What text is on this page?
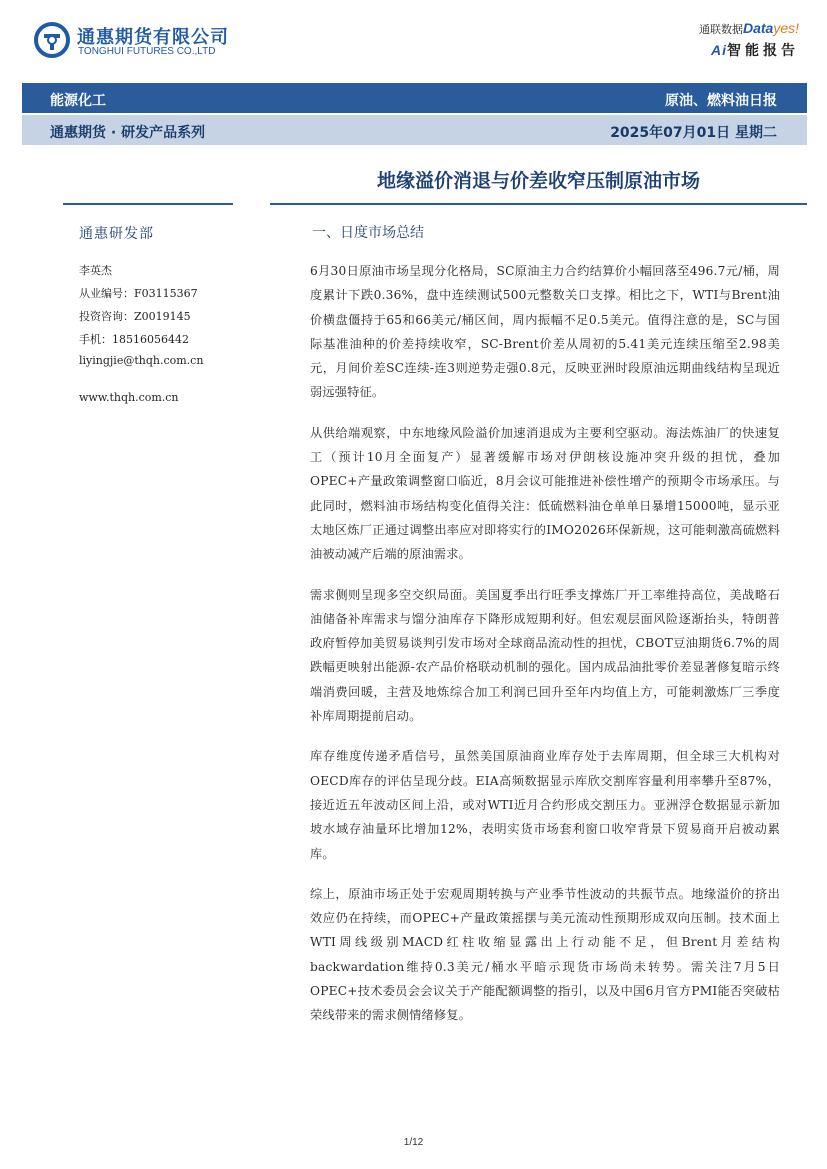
通惠期货有限公司
TONGHUI FUTURES CO.,LTD
通联数据Datayes!
Ai智能报告
能源化工	原油、燃料油日报
通惠期货 · 研发产品系列	2025年07月01日 星期二
地缘溢价消退与价差收窄压制原油市场
通惠研发部
李英杰
从业编号：F03115367
投资咨询：Z0019145
手机：18516056442
liyingjie@thqh.com.cn
www.thqh.com.cn
一、日度市场总结

6月30日原油市场呈现分化格局，SC原油主力合约结算价小幅回落至496.7元/桶，周度累计下跌0.36%，盘中连续测试500元整数关口支撑。相比之下，WTI与Brent油价横盘僵持于65和66美元/桶区间，周内振幅不足0.5美元。值得注意的是，SC与国际基准油种的价差持续收窄，SC-Brent价差从周初的5.41美元连续压缩至2.98美元，月间价差SC连续-连3则逆势走强0.8元，反映亚洲时段原油远期曲线结构呈现近弱远强特征。

从供给端观察，中东地缘风险溢价加速消退成为主要利空驱动。海法炼油厂的快速复工（预计10月全面复产）显著缓解市场对伊朗核设施冲突升级的担忧，叠加OPEC+产量政策调整窗口临近，8月会议可能推进补偿性增产的预期令市场承压。与此同时，燃料油市场结构变化值得关注：低硫燃料油仓单单日暴增15000吨，显示亚太地区炼厂正通过调整出率应对即将实行的IMO2026环保新规，这可能刺激高硫燃料油被动减产后端的原油需求。

需求侧则呈现多空交织局面。美国夏季出行旺季支撑炼厂开工率维持高位，美战略石油储备补库需求与馏分油库存下降形成短期利好。但宏观层面风险逐渐抬头，特朗普政府暂停加美贸易谈判引发市场对全球商品流动性的担忧，CBOT豆油期货6.7%的周跌幅更映射出能源-农产品价格联动机制的强化。国内成品油批零价差显著修复暗示终端消费回暖，主营及地炼综合加工利润已回升至年内均值上方，可能刺激炼厂三季度补库周期提前启动。

库存维度传递矛盾信号，虽然美国原油商业库存处于去库周期，但全球三大机构对OECD库存的评估呈现分歧。EIA高频数据显示库欣交割库容量利用率攀升至87%，接近近五年波动区间上沿，或对WTI近月合约形成交割压力。亚洲浮仓数据显示新加坡水域存油量环比增加12%，表明实货市场套利窗口收窄背景下贸易商开启被动累库。

综上，原油市场正处于宏观周期转换与产业季节性波动的共振节点。地缘溢价的挤出效应仍在持续，而OPEC+产量政策摇摆与美元流动性预期形成双向压制。技术面上WTI周线级别MACD红柱收缩显露出上行动能不足，但Brent月差结构backwardation维持0.3美元/桶水平暗示现货市场尚未转势。需关注7月5日OPEC+技术委员会会议关于产能配额调整的指引，以及中国6月官方PMI能否突破枯荣线带来的需求侧情绪修复。

1/12
